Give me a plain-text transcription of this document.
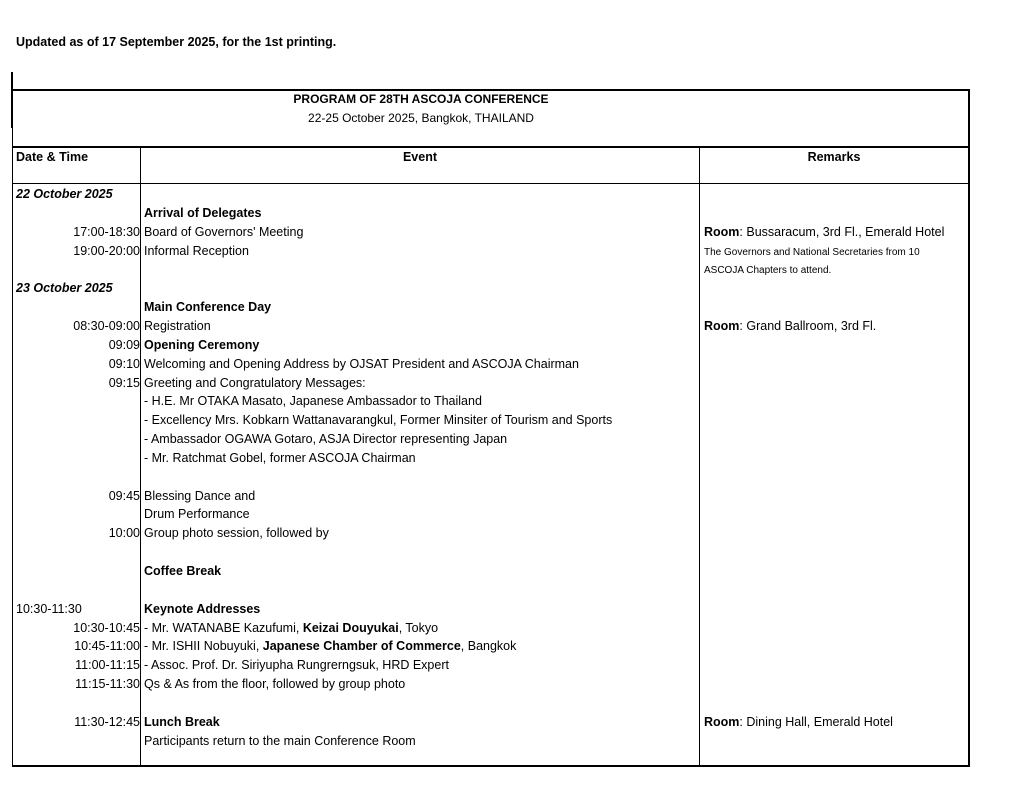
Updated as of 17 September 2025, for the 1st printing.
PROGRAM OF 28TH ASCOJA CONFERENCE
22-25 October 2025, Bangkok, THAILAND
Date & Time	Event	Remarks
22 October 2025
Arrival of Delegates
17:00-18:30 Board of Governors' Meeting	Room: Bussaracum, 3rd Fl., Emerald Hotel
19:00-20:00 Informal Reception	The Governors and National Secretaries from 10
ASCOJA Chapters to attend.
23 October 2025
Main Conference Day
08:30-09:00 Registration	Room: Grand Ballroom, 3rd Fl.
09:09 Opening Ceremony
09:10 Welcoming and Opening Address by OJSAT President and ASCOJA Chairman
09:15 Greeting and Congratulatory Messages:
- H.E. Mr OTAKA Masato, Japanese Ambassador to Thailand
- Excellency Mrs. Kobkarn Wattanavarangkul, Former Minsiter of Tourism and Sports
- Ambassador OGAWA Gotaro, ASJA Director representing Japan
- Mr. Ratchmat Gobel, former ASCOJA Chairman
09:45 Blessing Dance and
Drum Performance
10:00 Group photo session, followed by
Coffee Break
10:30-11:30	Keynote Addresses
10:30-10:45 - Mr. WATANABE Kazufumi, Keizai Douyukai, Tokyo
10:45-11:00 - Mr. ISHII Nobuyuki, Japanese Chamber of Commerce, Bangkok
11:00-11:15 - Assoc. Prof. Dr. Siriyupha Rungrerngsuk, HRD Expert
11:15-11:30 Qs & As from the floor, followed by group photo
11:30-12:45 Lunch Break	Room: Dining Hall, Emerald Hotel
Participants return to the main Conference Room
